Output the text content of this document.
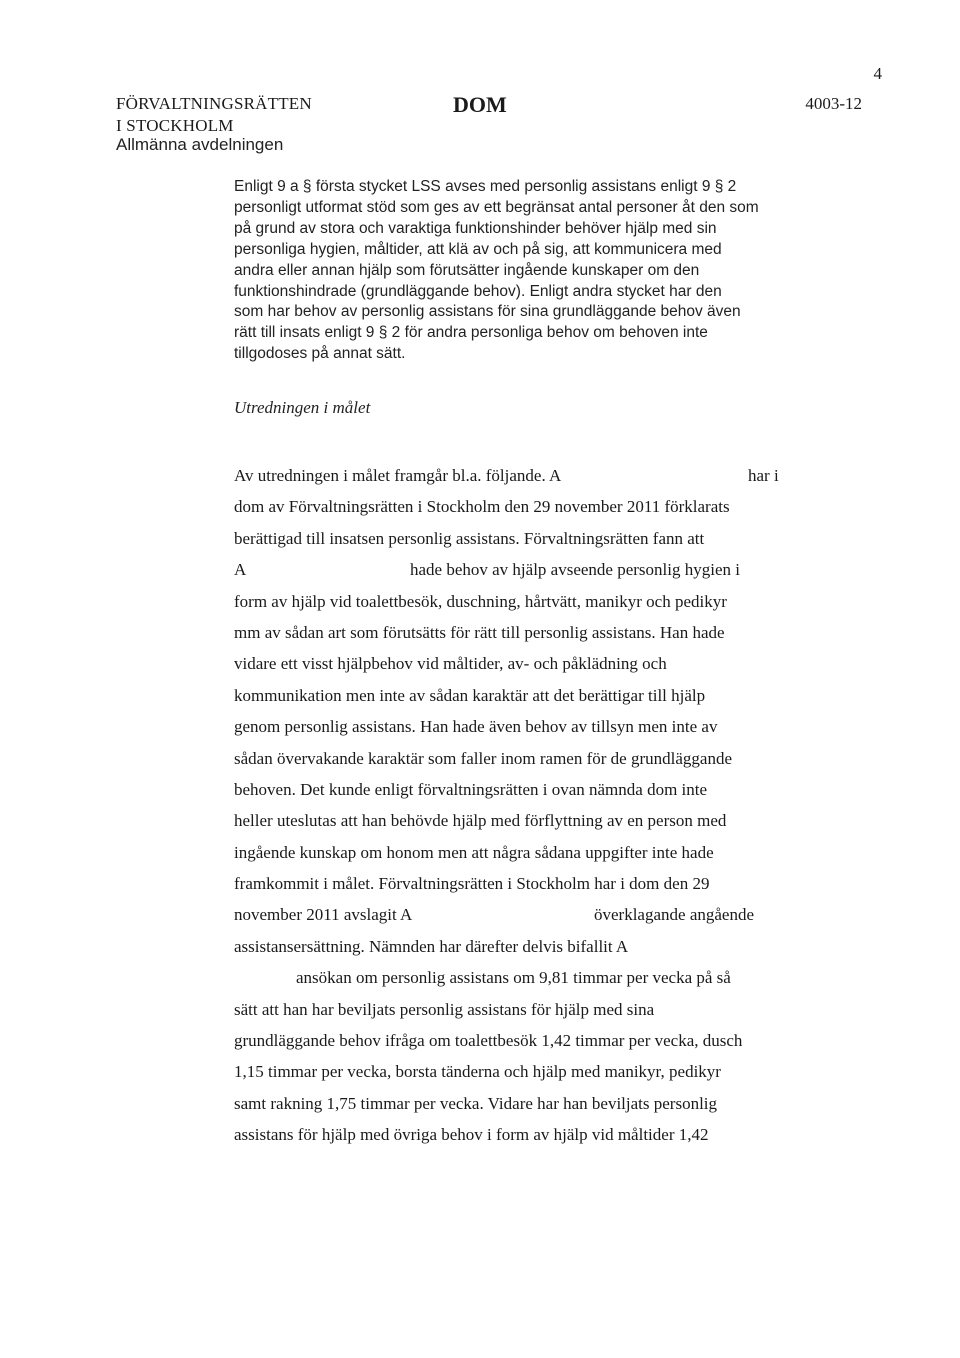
4
FÖRVALTNINGSRÄTTEN
I STOCKHOLM
Allmänna avdelningen
DOM	4003-12
Enligt 9 a § första stycket LSS avses med personlig assistans enligt 9 § 2
personligt utformat stöd som ges av ett begränsat antal personer åt den som
på grund av stora och varaktiga funktionshinder behöver hjälp med sin
personliga hygien, måltider, att klä av och på sig, att kommunicera med
andra eller annan hjälp som förutsätter ingående kunskaper om den
funktionshindrade (grundläggande behov). Enligt andra stycket har den
som har behov av personlig assistans för sina grundläggande behov även
rätt till insats enligt 9 § 2 för andra personliga behov om behoven inte
tillgodoses på annat sätt.
Utredningen i målet
Av utredningen i målet framgår bl.a. följande. A	har i
dom av Förvaltningsrätten i Stockholm den 29 november 2011 förklarats
berättigad till insatsen personlig assistans. Förvaltningsrätten fann att
A	hade behov av hjälp avseende personlig hygien i
form av hjälp vid toalettbesök, duschning, hårtvätt, manikyr och pedikyr
mm av sådan art som förutsätts för rätt till personlig assistans. Han hade
vidare ett visst hjälpbehov vid måltider, av- och påklädning och
kommunikation men inte av sådan karaktär att det berättigar till hjälp
genom personlig assistans. Han hade även behov av tillsyn men inte av
sådan övervakande karaktär som faller inom ramen för de grundläggande
behoven. Det kunde enligt förvaltningsrätten i ovan nämnda dom inte
heller uteslutas att han behövde hjälp med förflyttning av en person med
ingående kunskap om honom men att några sådana uppgifter inte hade
framkommit i målet. Förvaltningsrätten i Stockholm har i dom den 29
november 2011 avslagit A	överklagande angående
assistansersättning. Nämnden har därefter delvis bifallit A
ansökan om personlig assistans om 9,81 timmar per vecka på så
sätt att han har beviljats personlig assistans för hjälp med sina
grundläggande behov ifråga om toalettbesök 1,42 timmar per vecka, dusch
1,15 timmar per vecka, borsta tänderna och hjälp med manikyr, pedikyr
samt rakning 1,75 timmar per vecka. Vidare har han beviljats personlig
assistans för hjälp med övriga behov i form av hjälp vid måltider 1,42
